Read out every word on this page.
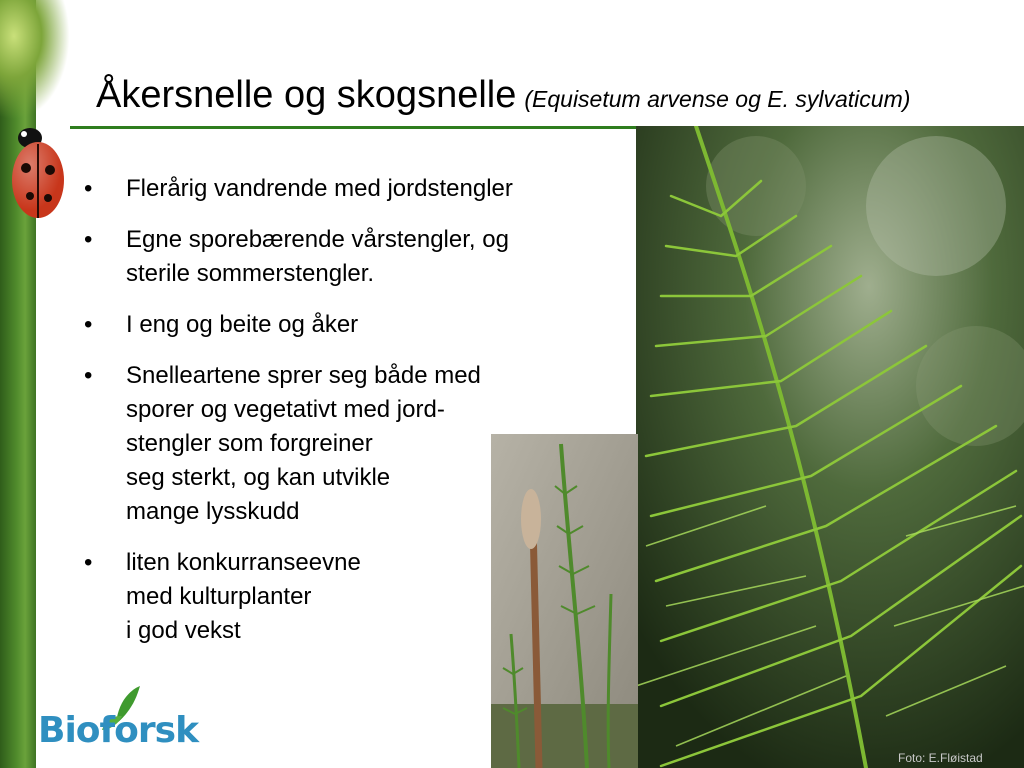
Åkersnelle og skogsnelle (Equisetum arvense og E. sylvaticum)
• Flerårig vandrende med jordstengler
• Egne sporebærende vårstengler, og
sterile sommerstengler.
• I eng og beite og åker
• Snelleartene sprer seg både med
sporer og vegetativt med jord-
stengler som forgreiner
seg sterkt, og kan utvikle
mange lysskudd
• liten konkurranseevne
med kulturplanter
i god vekst
Foto: E.Fløistad
Bioforsk
